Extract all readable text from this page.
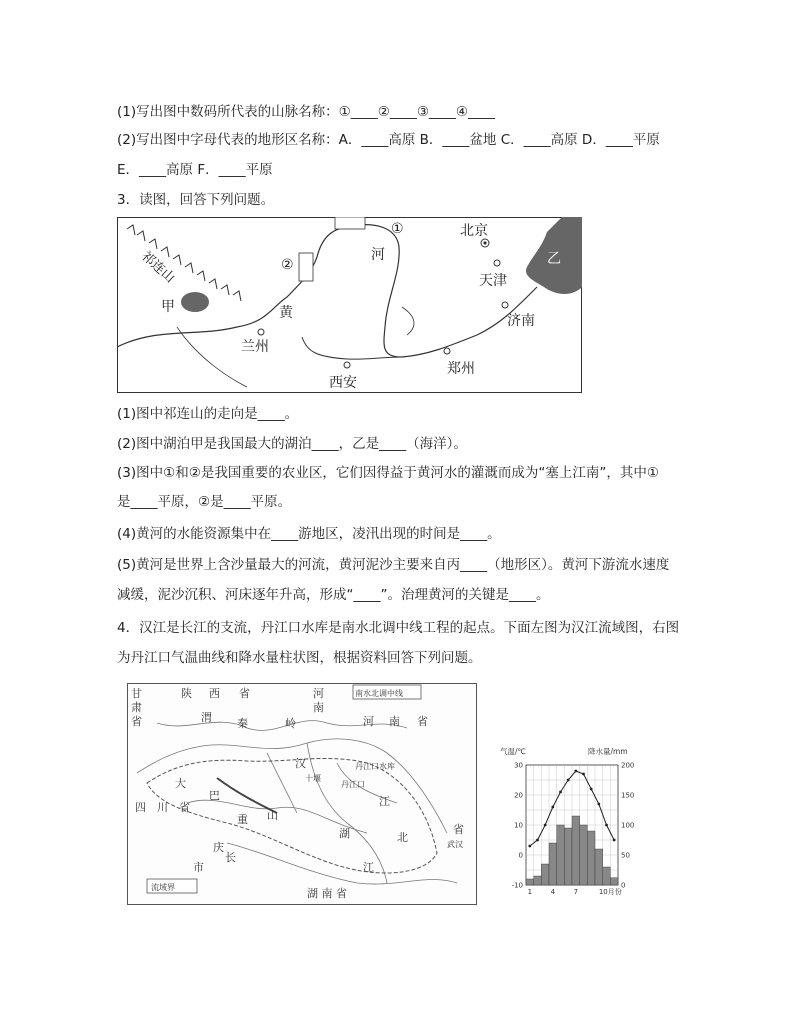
(1)写出图中数码所代表的山脉名称：①____②____③____④____
(2)写出图中字母代表的地形区名称：A．____高原 B．____盆地 C．____高原 D．____平原
E．____高原 F．____平原
3．读图，回答下列问题。
北京
天津
济南
郑州
西安
兰州
甲
乙
河
黄
①
②
祁连山
(1)图中祁连山的走向是____。
(2)图中湖泊甲是我国最大的湖泊____，乙是____（海洋）。
(3)图中①和②是我国重要的农业区，它们因得益于黄河水的灌溉而成为“塞上江南”，其中①
是____平原，②是____平原。
(4)黄河的水能资源集中在____游地区，凌汛出现的时间是____。
(5)黄河是世界上含沙量最大的河流，黄河泥沙主要来自丙____（地形区）。黄河下游流水速度
减缓，泥沙沉积、河床逐年升高，形成“____”。治理黄河的关键是____。
4．汉江是长江的支流，丹江口水库是南水北调中线工程的起点。下面左图为汉江流域图，右图
为丹江口气温曲线和降水量柱状图，根据资料回答下列问题。
甘
肃
省
陕 西 省	河
南
南水北调中线
河 南 省
渭 秦	岭
汉
十堰
丹江口水库
丹江口
大
巴
山
四 川 省
重
庆
市
长
江
湖	北
省
武汉
江
湖 南 省
流域界
30
20
10
0
-10
200
150
100
50
0
1	4	7	10月份
气温/℃	降水量/mm
